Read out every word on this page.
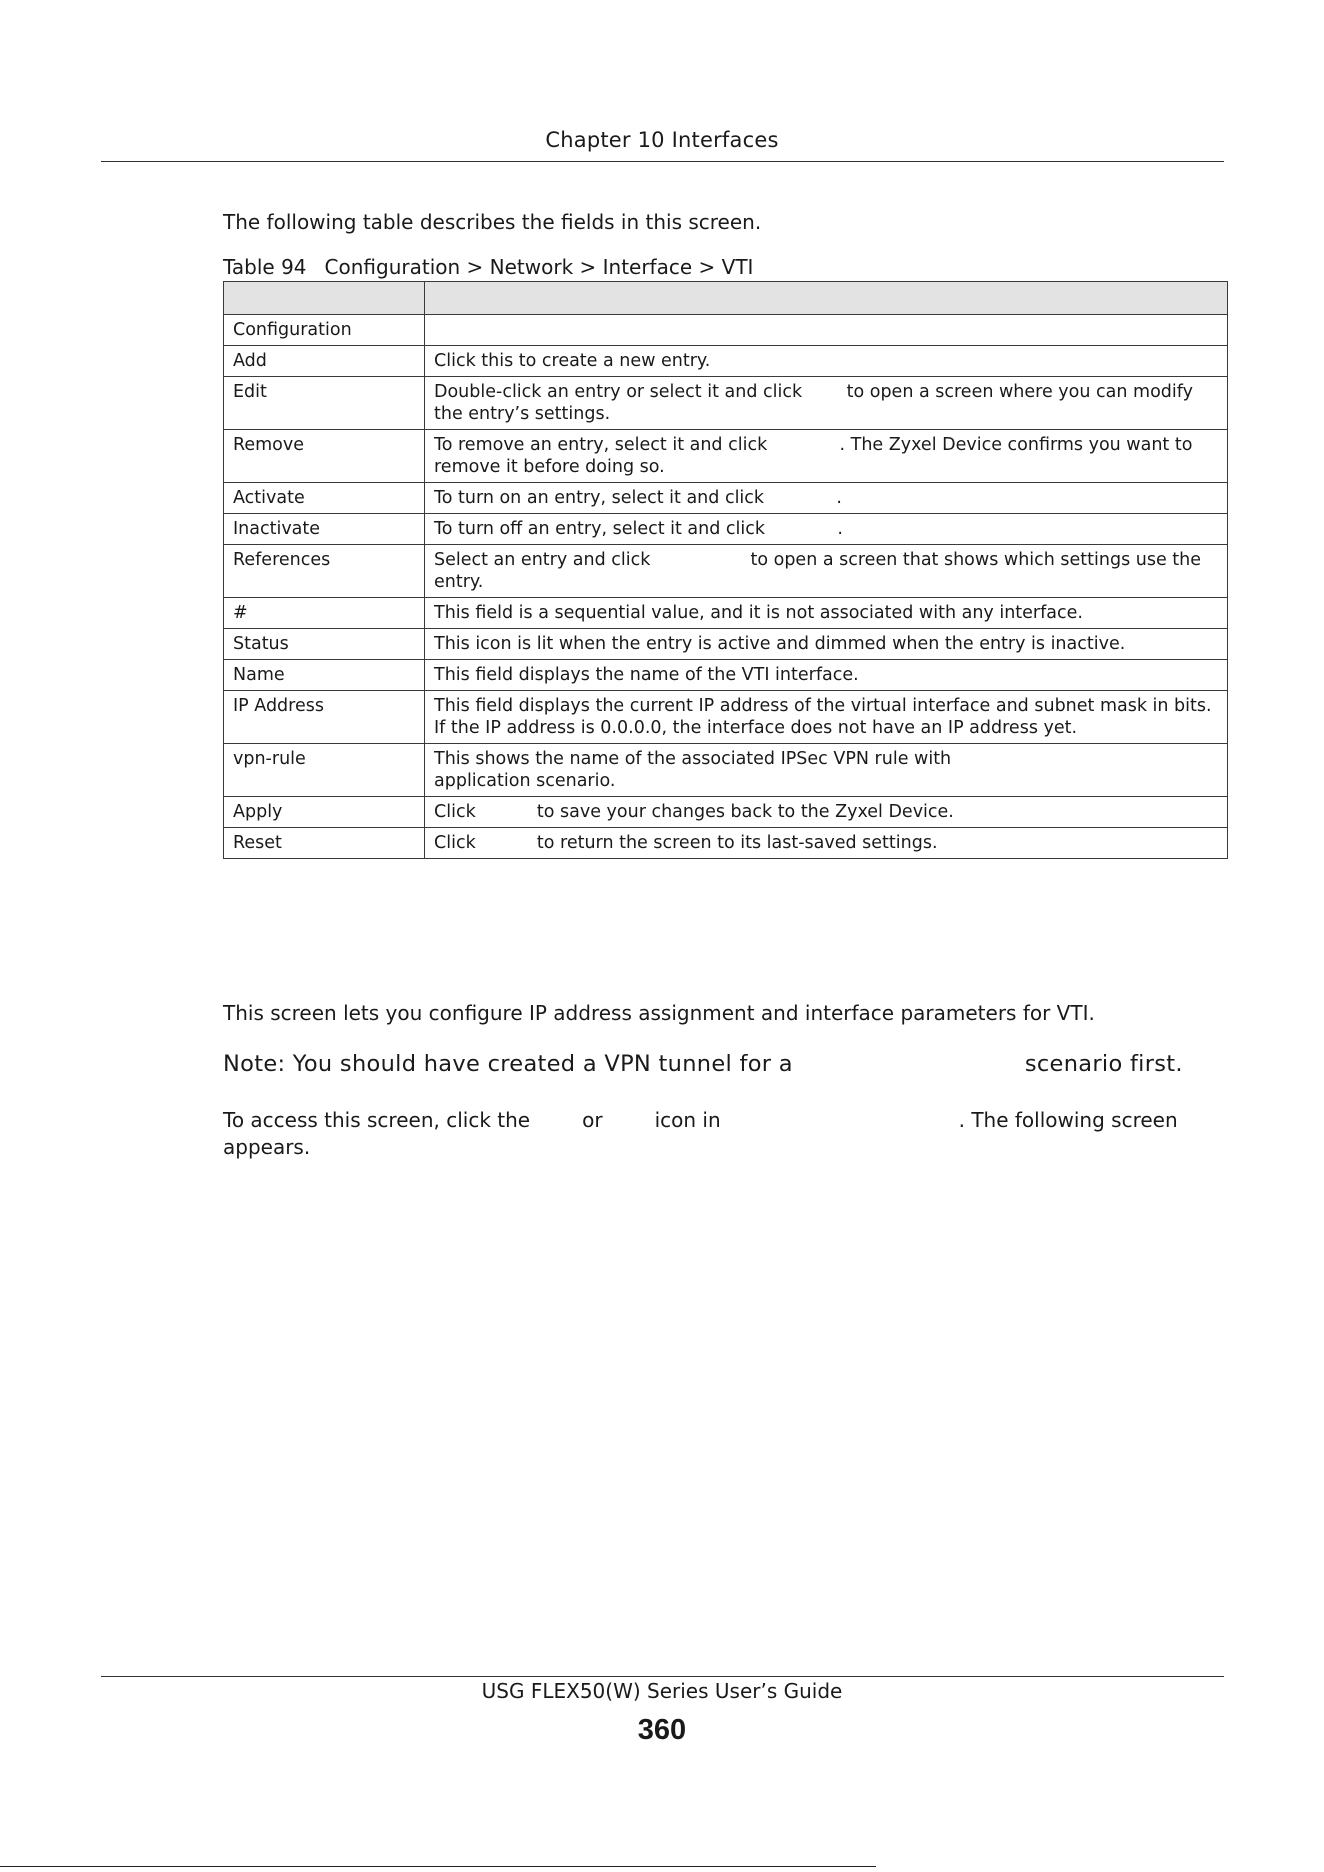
Chapter 10 Interfaces
The following table describes the fields in this screen.
Table 94 Configuration > Network > Interface > VTI

Configuration	
Add	Click this to create a new entry.
Edit	Double-click an entry or select it and click        to open a screen where you can modify the entry’s settings.
Remove	To remove an entry, select it and click             . The Zyxel Device confirms you want to remove it before doing so.
Activate	To turn on an entry, select it and click             .
Inactivate	To turn off an entry, select it and click             .
References	Select an entry and click                  to open a screen that shows which settings use the entry.
#	This field is a sequential value, and it is not associated with any interface.
Status	This icon is lit when the entry is active and dimmed when the entry is inactive.
Name	This field displays the name of the VTI interface.
IP Address	This field displays the current IP address of the virtual interface and subnet mask in bits. If the IP address is 0.0.0.0, the interface does not have an IP address yet.
vpn-rule	This shows the name of the associated IPSec VPN rule with                                    application scenario.
Apply	Click           to save your changes back to the Zyxel Device.
Reset	Click           to return the screen to its last-saved settings.
This screen lets you configure IP address assignment and interface parameters for VTI.
Note: You should have created a VPN tunnel for a	scenario first.
To access this screen, click the	or	icon in	. The following screen appears.
USG FLEX50(W) Series User’s Guide
360
